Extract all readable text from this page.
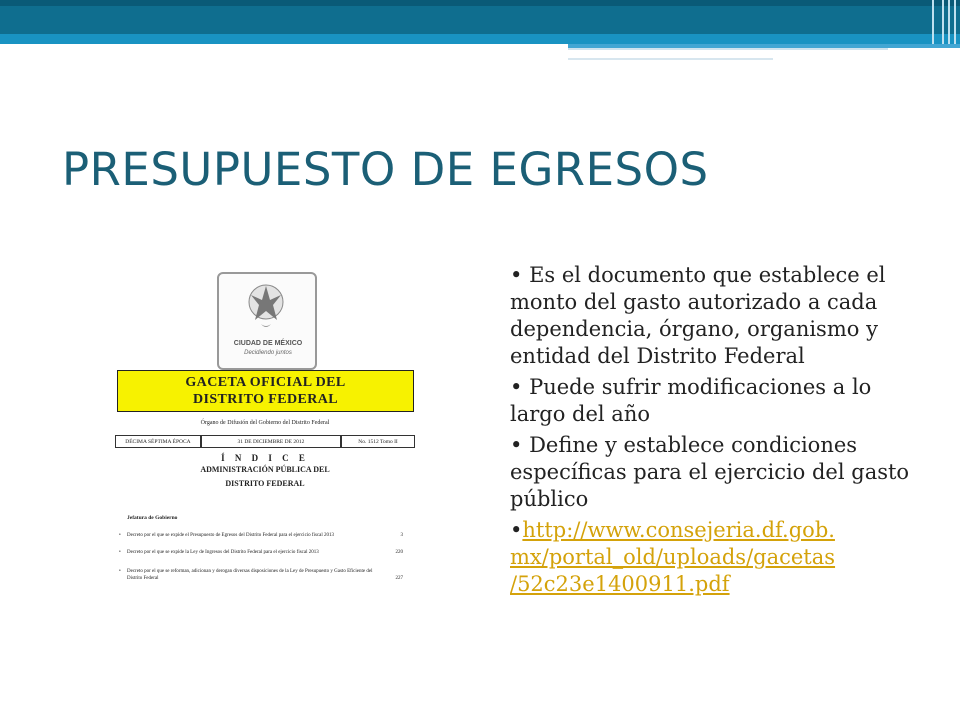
PRESUPUESTO DE EGRESOS
CIUDAD DE MÉXICO
Decidiendo juntos
GACETA OFICIAL DEL
DISTRITO FEDERAL
Órgano de Difusión del Gobierno del Distrito Federal
DÉCIMA SÉPTIMA ÉPOCA	31 DE DICIEMBRE DE 2012	No. 1512 Tomo II
Í N D I C E
ADMINISTRACIÓN PÚBLICA DEL
DISTRITO FEDERAL
Jefatura de Gobierno
• Decreto por el que se expide el Presupuesto de Egresos del Distrito Federal para el ejercicio fiscal 2013	3
• Decreto por el que se expide la Ley de Ingresos del Distrito Federal para el ejercicio fiscal 2013	220
• Decreto por el que se reforman, adicionan y derogan diversas disposiciones de la Ley de Presupuesto y Gasto Eficiente del Distrito Federal	227
• Es el documento que establece el monto del gasto autorizado a cada dependencia, órgano, organismo y entidad del Distrito Federal
• Puede sufrir modificaciones a lo largo del año
• Define y establece condiciones específicas para el ejercicio del gasto público
•http://www.consejeria.df.gob.
mx/portal_old/uploads/gacetas
/52c23e1400911.pdf
